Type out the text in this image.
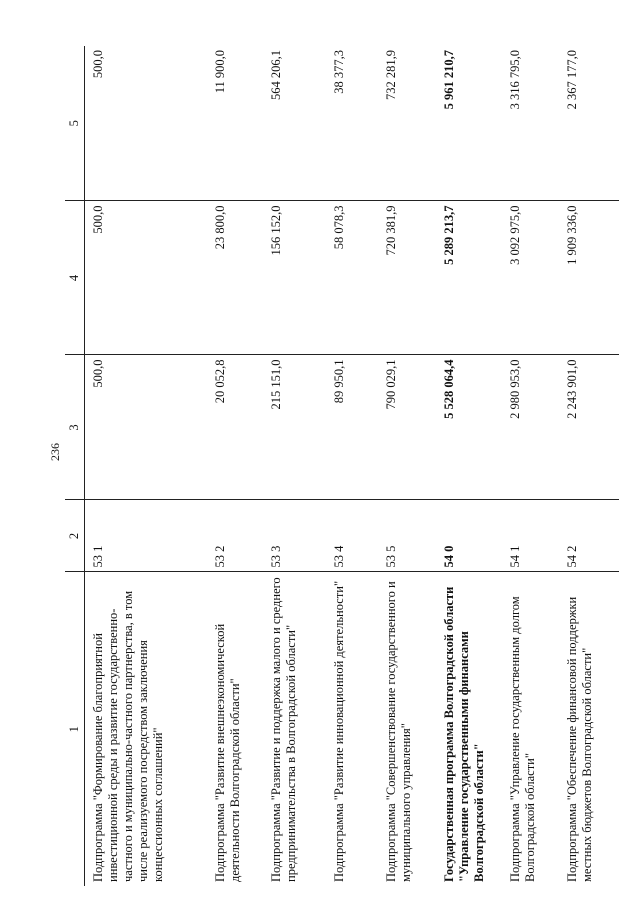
236
1	2	3	4	5
Подпрограмма "Формирование благоприятной инвестиционной среды и развитие государственно-частного и муниципально-частного партнерства, в том числе реализуемого посредством заключения концессионных соглашений"	53 1	500,0	500,0	500,0
Подпрограмма "Развитие внешнеэкономической деятельности Волгоградской области"	53 2	20 052,8	23 800,0	11 900,0
Подпрограмма "Развитие и поддержка малого и среднего предпринимательства в Волгоградской области"	53 3	215 151,0	156 152,0	564 206,1
Подпрограмма "Развитие инновационной деятельности"	53 4	89 950,1	58 078,3	38 377,3
Подпрограмма "Совершенствование государственного и муниципального управления"	53 5	790 029,1	720 381,9	732 281,9
Государственная программа Волгоградской области "Управление государственными финансами Волгоградской области"	54 0	5 528 064,4	5 289 213,7	5 961 210,7
Подпрограмма "Управление государственным долгом Волгоградской области"	54 1	2 980 953,0	3 092 975,0	3 316 795,0
Подпрограмма "Обеспечение финансовой поддержки местных бюджетов Волгоградской области"	54 2	2 243 901,0	1 909 336,0	2 367 177,0
